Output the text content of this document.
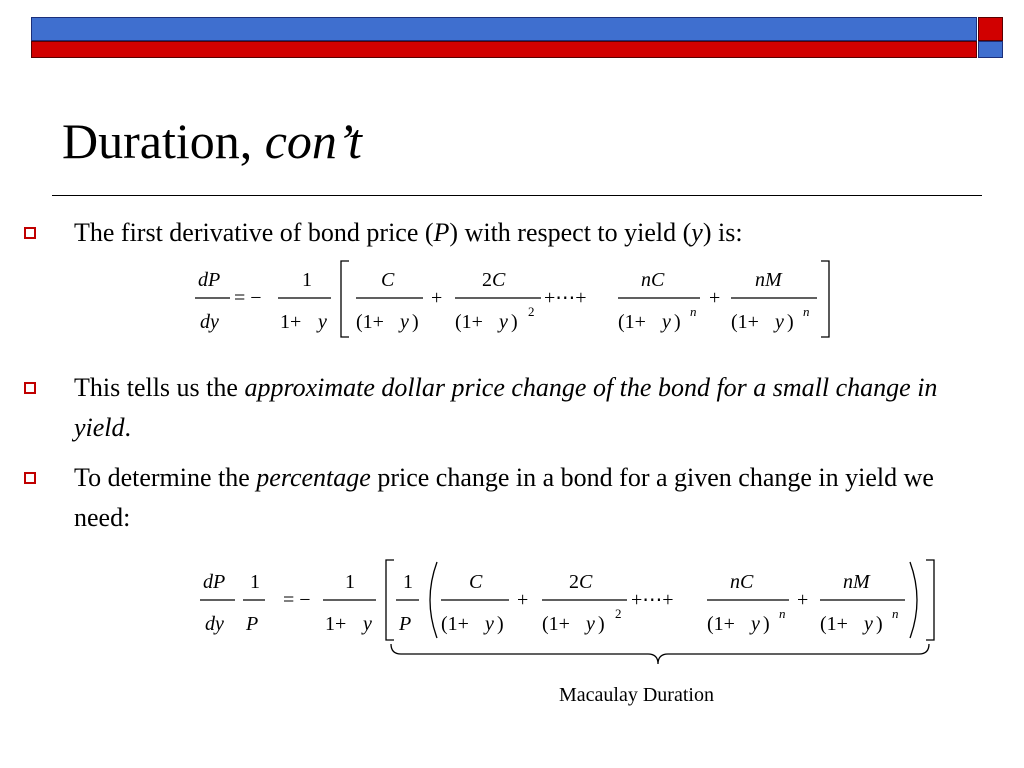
Duration, con’t
The first derivative of bond price (P) with respect to yield (y) is:
dP
dy
= −
1
1+ y
C
(1+ y )
+
2 C
(1+ y ) 2
+⋯+
nC
(1+ y ) n
+
nM
(1+ y ) n
This tells us the approximate dollar price change of the bond for a small change in yield.
To determine the percentage price change in a bond for a given change in yield we need:
dP
dy
1
P
= −
1
1+ y
1
P
C
(1+ y )
+
2 C
(1+ y ) 2
+⋯+
nC
(1+ y ) n
+
nM
(1+ y ) n
Macaulay Duration
